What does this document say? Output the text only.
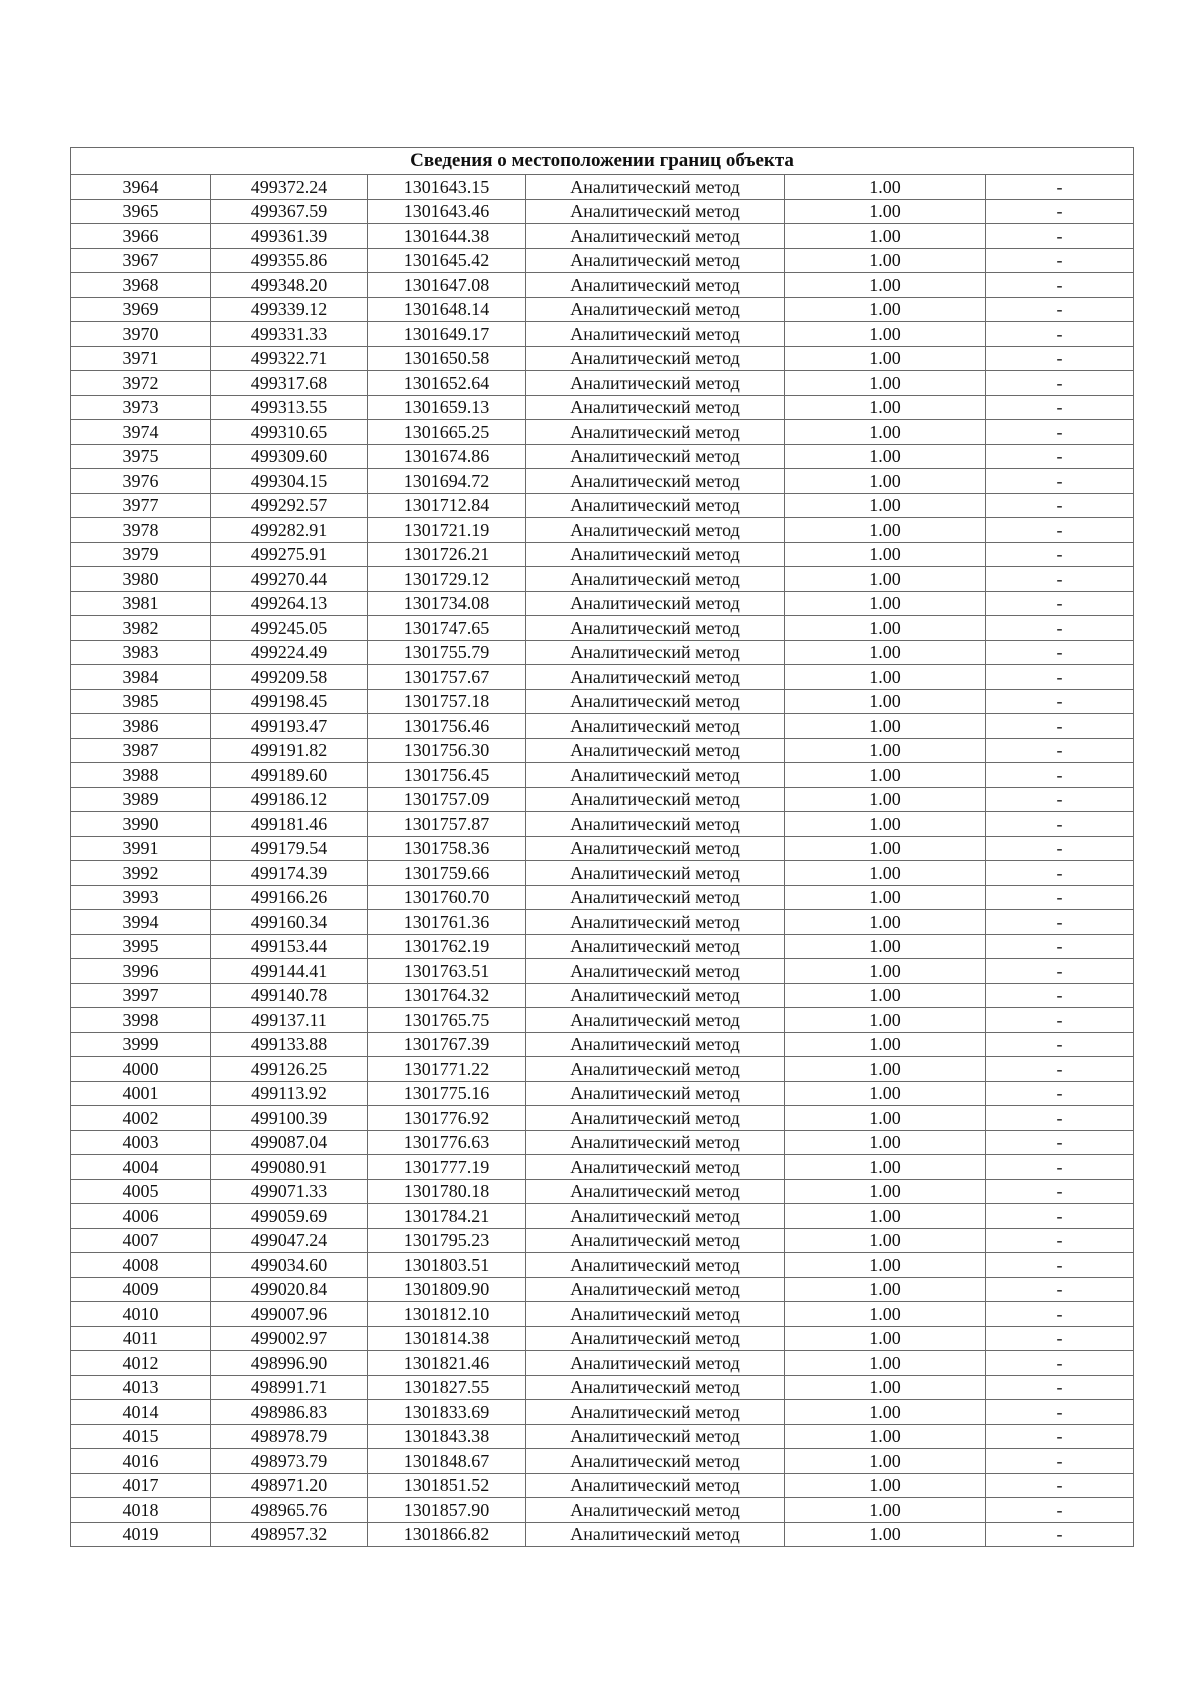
Сведения о местоположении границ объекта					
3964	499372.24	1301643.15	Аналитический метод	1.00	-
3965	499367.59	1301643.46	Аналитический метод	1.00	-
3966	499361.39	1301644.38	Аналитический метод	1.00	-
3967	499355.86	1301645.42	Аналитический метод	1.00	-
3968	499348.20	1301647.08	Аналитический метод	1.00	-
3969	499339.12	1301648.14	Аналитический метод	1.00	-
3970	499331.33	1301649.17	Аналитический метод	1.00	-
3971	499322.71	1301650.58	Аналитический метод	1.00	-
3972	499317.68	1301652.64	Аналитический метод	1.00	-
3973	499313.55	1301659.13	Аналитический метод	1.00	-
3974	499310.65	1301665.25	Аналитический метод	1.00	-
3975	499309.60	1301674.86	Аналитический метод	1.00	-
3976	499304.15	1301694.72	Аналитический метод	1.00	-
3977	499292.57	1301712.84	Аналитический метод	1.00	-
3978	499282.91	1301721.19	Аналитический метод	1.00	-
3979	499275.91	1301726.21	Аналитический метод	1.00	-
3980	499270.44	1301729.12	Аналитический метод	1.00	-
3981	499264.13	1301734.08	Аналитический метод	1.00	-
3982	499245.05	1301747.65	Аналитический метод	1.00	-
3983	499224.49	1301755.79	Аналитический метод	1.00	-
3984	499209.58	1301757.67	Аналитический метод	1.00	-
3985	499198.45	1301757.18	Аналитический метод	1.00	-
3986	499193.47	1301756.46	Аналитический метод	1.00	-
3987	499191.82	1301756.30	Аналитический метод	1.00	-
3988	499189.60	1301756.45	Аналитический метод	1.00	-
3989	499186.12	1301757.09	Аналитический метод	1.00	-
3990	499181.46	1301757.87	Аналитический метод	1.00	-
3991	499179.54	1301758.36	Аналитический метод	1.00	-
3992	499174.39	1301759.66	Аналитический метод	1.00	-
3993	499166.26	1301760.70	Аналитический метод	1.00	-
3994	499160.34	1301761.36	Аналитический метод	1.00	-
3995	499153.44	1301762.19	Аналитический метод	1.00	-
3996	499144.41	1301763.51	Аналитический метод	1.00	-
3997	499140.78	1301764.32	Аналитический метод	1.00	-
3998	499137.11	1301765.75	Аналитический метод	1.00	-
3999	499133.88	1301767.39	Аналитический метод	1.00	-
4000	499126.25	1301771.22	Аналитический метод	1.00	-
4001	499113.92	1301775.16	Аналитический метод	1.00	-
4002	499100.39	1301776.92	Аналитический метод	1.00	-
4003	499087.04	1301776.63	Аналитический метод	1.00	-
4004	499080.91	1301777.19	Аналитический метод	1.00	-
4005	499071.33	1301780.18	Аналитический метод	1.00	-
4006	499059.69	1301784.21	Аналитический метод	1.00	-
4007	499047.24	1301795.23	Аналитический метод	1.00	-
4008	499034.60	1301803.51	Аналитический метод	1.00	-
4009	499020.84	1301809.90	Аналитический метод	1.00	-
4010	499007.96	1301812.10	Аналитический метод	1.00	-
4011	499002.97	1301814.38	Аналитический метод	1.00	-
4012	498996.90	1301821.46	Аналитический метод	1.00	-
4013	498991.71	1301827.55	Аналитический метод	1.00	-
4014	498986.83	1301833.69	Аналитический метод	1.00	-
4015	498978.79	1301843.38	Аналитический метод	1.00	-
4016	498973.79	1301848.67	Аналитический метод	1.00	-
4017	498971.20	1301851.52	Аналитический метод	1.00	-
4018	498965.76	1301857.90	Аналитический метод	1.00	-
4019	498957.32	1301866.82	Аналитический метод	1.00	-
